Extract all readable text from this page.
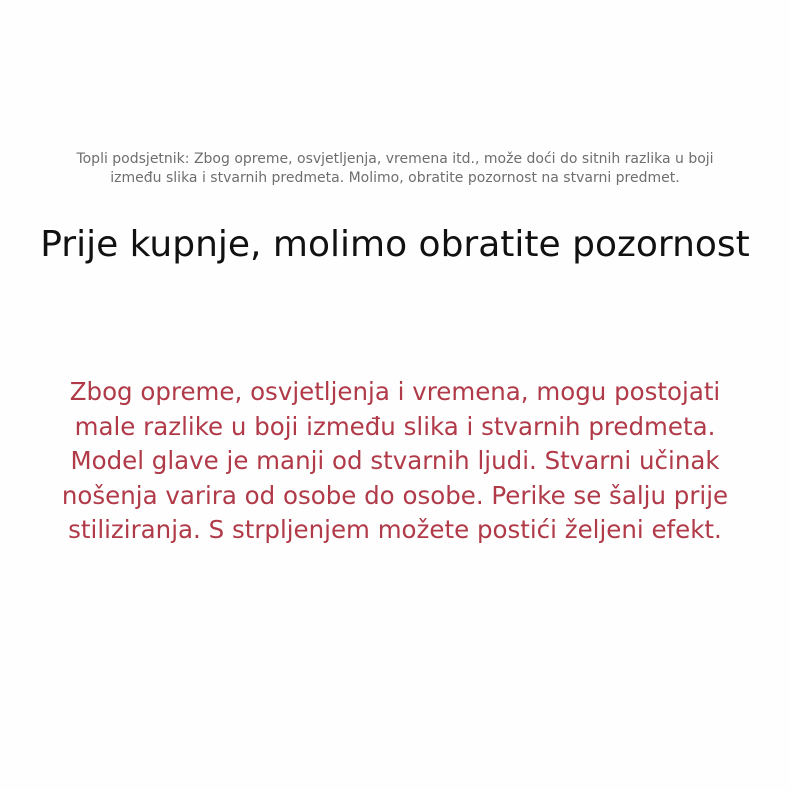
Topli podsjetnik: Zbog opreme, osvjetljenja, vremena itd., može doći do sitnih razlika u boji
između slika i stvarnih predmeta. Molimo, obratite pozornost na stvarni predmet.
Prije kupnje, molimo obratite pozornost
Zbog opreme, osvjetljenja i vremena, mogu postojati
male razlike u boji između slika i stvarnih predmeta.
Model glave je manji od stvarnih ljudi. Stvarni učinak
nošenja varira od osobe do osobe. Perike se šalju prije
stiliziranja. S strpljenjem možete postići željeni efekt.
